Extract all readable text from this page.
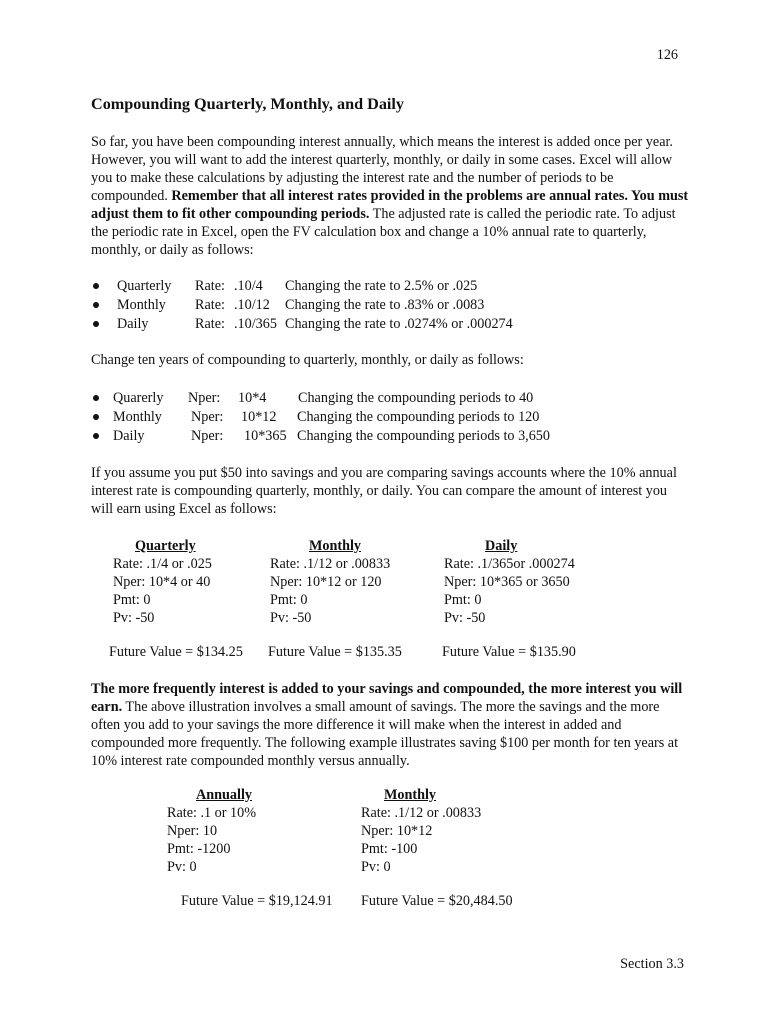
126
Compounding Quarterly, Monthly, and Daily
So far, you have been compounding interest annually, which means the interest is added once per year. However, you will want to add the interest quarterly, monthly, or daily in some cases. Excel will allow you to make these calculations by adjusting the interest rate and the number of periods to be compounded. Remember that all interest rates provided in the problems are annual rates. You must adjust them to fit other compounding periods. The adjusted rate is called the periodic rate. To adjust the periodic rate in Excel, open the FV calculation box and change a 10% annual rate to quarterly, monthly, or daily as follows:
Quarterly Rate: .10/4 Changing the rate to 2.5% or .025
Monthly Rate: .10/12 Changing the rate to .83% or .0083
Daily	Rate: .10/365 Changing the rate to .0274% or .000274
Change ten years of compounding to quarterly, monthly, or daily as follows:
Quarerly Nper: 10*4 Changing the compounding periods to 40
Monthly Nper: 10*12 Changing the compounding periods to 120
Daily	Nper: 10*365 Changing the compounding periods to 3,650
If you assume you put $50 into savings and you are comparing savings accounts where the 10% annual interest rate is compounding quarterly, monthly, or daily. You can compare the amount of interest you will earn using Excel as follows:
Quarterly
Rate: .1/4 or .025
Nper: 10*4 or 40
Pmt: 0
Pv: -50
Future Value = $134.25
Monthly
Rate: .1/12 or .00833
Nper: 10*12 or 120
Pmt: 0
Pv: -50
Future Value = $135.35
Daily
Rate: .1/365or .000274
Nper: 10*365 or 3650
Pmt: 0
Pv: -50
Future Value = $135.90
The more frequently interest is added to your savings and compounded, the more interest you will earn. The above illustration involves a small amount of savings. The more the savings and the more often you add to your savings the more difference it will make when the interest in added and compounded more frequently. The following example illustrates saving $100 per month for ten years at 10% interest rate compounded monthly versus annually.
Annually
Rate: .1 or 10%
Nper: 10
Pmt: -1200
Pv: 0
Future Value = $19,124.91
Monthly
Rate: .1/12 or .00833
Nper: 10*12
Pmt: -100
Pv: 0
Future Value = $20,484.50
Section 3.3
